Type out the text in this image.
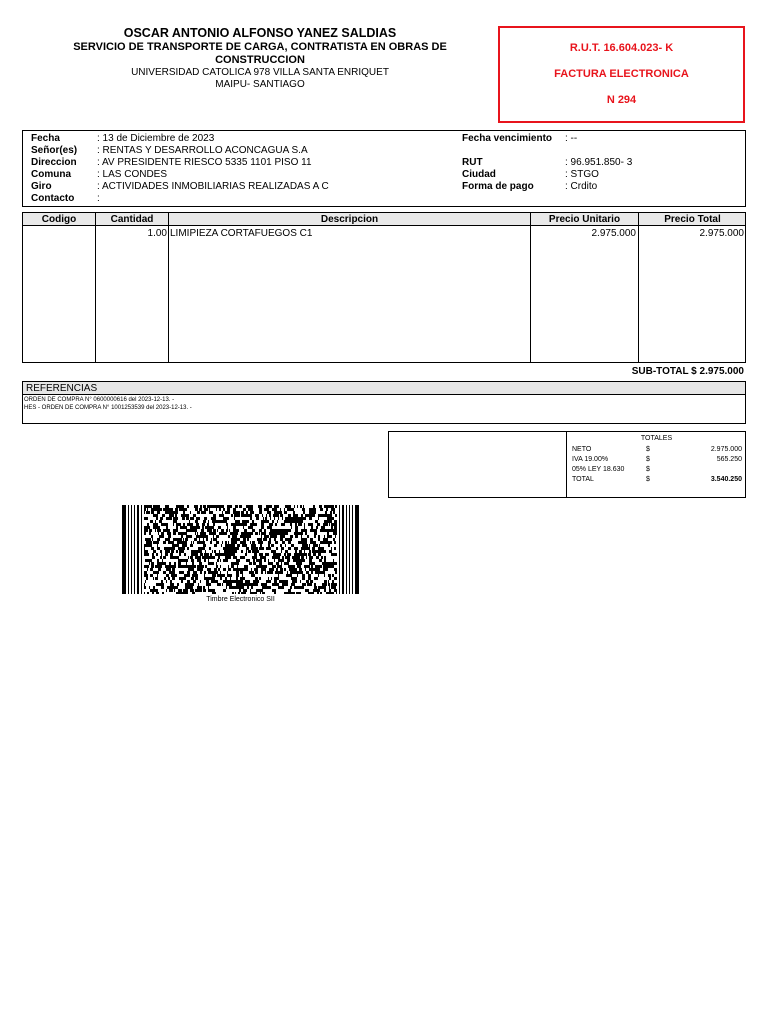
OSCAR ANTONIO ALFONSO YANEZ SALDIAS
SERVICIO DE TRANSPORTE DE CARGA, CONTRATISTA EN OBRAS DE CONSTRUCCION
UNIVERSIDAD CATOLICA 978 VILLA SANTA ENRIQUET
MAIPU- SANTIAGO
R.U.T. 16.604.023- K
FACTURA ELECTRONICA
N 294
Fecha	: 13 de Diciembre de 2023	Fecha vencimiento : --
Señor(es) : RENTAS Y DESARROLLO ACONCAGUA S.A
Direccion : AV PRESIDENTE RIESCO 5335 1101 PISO 11	RUT	: 96.951.850- 3
Comuna	: LAS CONDES	Ciudad	: STGO
Giro	: ACTIVIDADES INMOBILIARIAS REALIZADAS A C	Forma de pago	: Crdito
Contacto :
Codigo	Cantidad	Descripcion	Precio Unitario	Precio Total
1.00 LIMIPIEZA CORTAFUEGOS C1	2.975.000	2.975.000
SUB-TOTAL $ 2.975.000
REFERENCIAS
ORDEN DE COMPRA N° 0600000616 del 2023-12-13. -
HES - ORDEN DE COMPRA N° 1001253539 del 2023-12-13. -
TOTALES
NETO	$	2.975.000
IVA 19.00%	$	565.250
05% LEY 18.630	$
TOTAL	$	3.540.250
Timbre Electronico SII
